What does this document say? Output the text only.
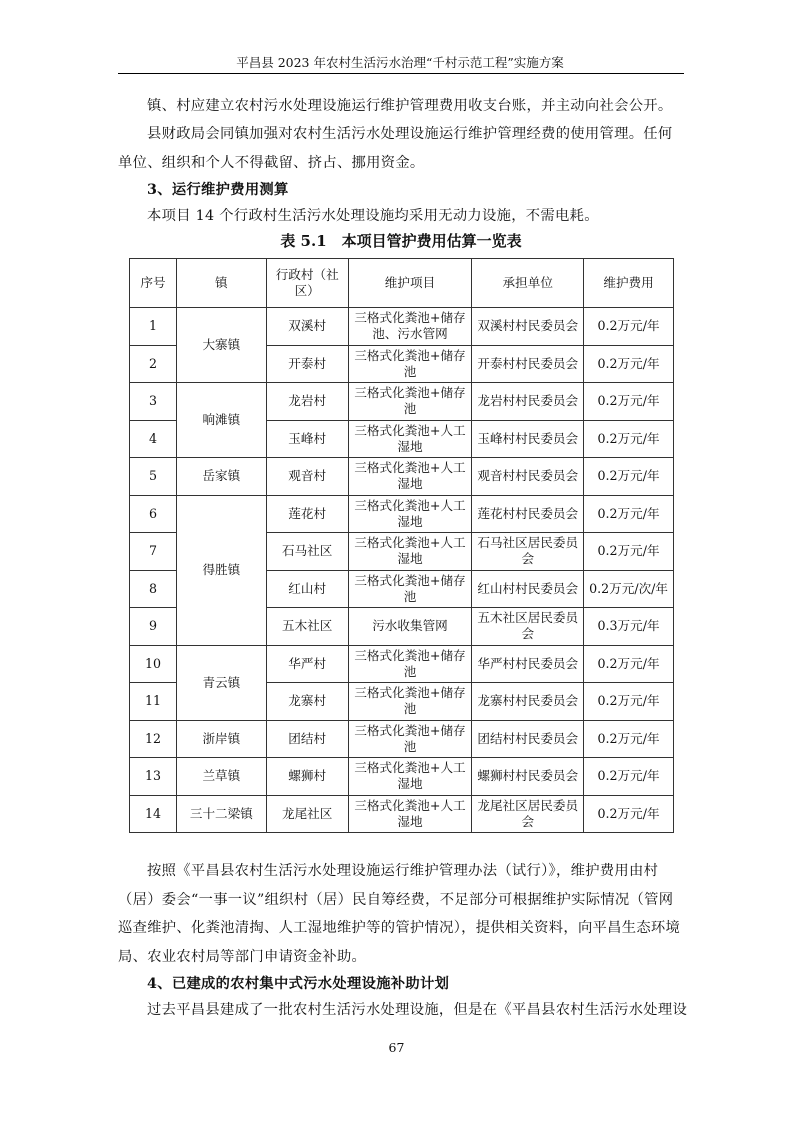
平昌县 2023 年农村生活污水治理“千村示范工程”实施方案
镇、村应建立农村污水处理设施运行维护管理费用收支台账，并主动向社会公开。
县财政局会同镇加强对农村生活污水处理设施运行维护管理经费的使用管理。任何单位、组织和个人不得截留、挤占、挪用资金。
3、运行维护费用测算
本项目 14 个行政村生活污水处理设施均采用无动力设施，不需电耗。
表 5.1　本项目管护费用估算一览表
序号	镇	行政村（社区）	维护项目	承担单位	维护费用
1	大寨镇	双溪村	三格式化粪池+储存池、污水管网	双溪村村民委员会	0.2万元/年
2		开泰村	三格式化粪池+储存池	开泰村村民委员会	0.2万元/年
3	响滩镇	龙岩村	三格式化粪池+储存池	龙岩村村民委员会	0.2万元/年
4		玉峰村	三格式化粪池+人工湿地	玉峰村村民委员会	0.2万元/年
5	岳家镇	观音村	三格式化粪池+人工湿地	观音村村民委员会	0.2万元/年
6	得胜镇	莲花村	三格式化粪池+人工湿地	莲花村村民委员会	0.2万元/年
7		石马社区	三格式化粪池+人工湿地	石马社区居民委员会	0.2万元/年
8		红山村	三格式化粪池+储存池	红山村村民委员会	0.2万元/次/年
9		五木社区	污水收集管网	五木社区居民委员会	0.3万元/年
10	青云镇	华严村	三格式化粪池+储存池	华严村村民委员会	0.2万元/年
11		龙寨村	三格式化粪池+储存池	龙寨村村民委员会	0.2万元/年
12	浙岸镇	团结村	三格式化粪池+储存池	团结村村民委员会	0.2万元/年
13	兰草镇	螺狮村	三格式化粪池+人工湿地	螺狮村村民委员会	0.2万元/年
14	三十二梁镇	龙尾社区	三格式化粪池+人工湿地	龙尾社区居民委员会	0.2万元/年
按照《平昌县农村生活污水处理设施运行维护管理办法（试行）》，维护费用由村（居）委会“一事一议”组织村（居）民自筹经费，不足部分可根据维护实际情况（管网巡查维护、化粪池清掏、人工湿地维护等的管护情况），提供相关资料，向平昌生态环境局、农业农村局等部门申请资金补助。
4、已建成的农村集中式污水处理设施补助计划
过去平昌县建成了一批农村生活污水处理设施，但是在《平昌县农村生活污水处理设
67
